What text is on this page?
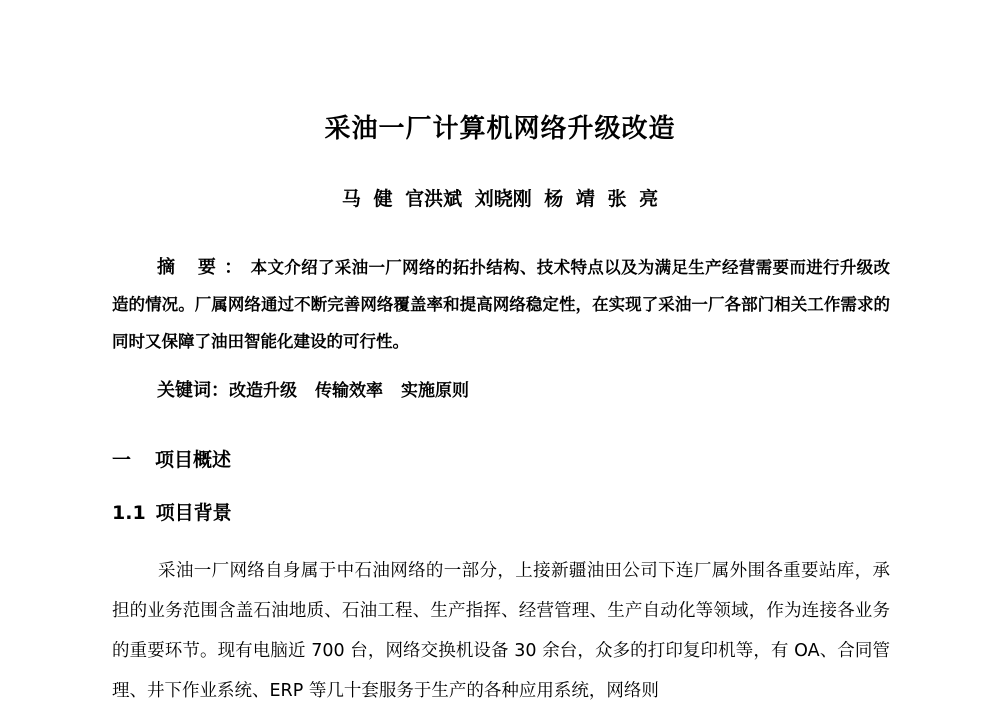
采油一厂计算机网络升级改造
马 健 官洪斌 刘晓刚 杨 靖 张 亮

摘 要：本文介绍了采油一厂网络的拓扑结构、技术特点以及为满足生产经营需要而进行升级改造的情况。厂属网络通过不断完善网络覆盖率和提高网络稳定性，在实现了采油一厂各部门相关工作需求的同时又保障了油田智能化建设的可行性。

关键词：改造升级 传输效率 实施原则

一 项目概述

1.1 项目背景

采油一厂网络自身属于中石油网络的一部分，上接新疆油田公司下连厂属外围各重要站库，承担的业务范围含盖石油地质、石油工程、生产指挥、经营管理、生产自动化等领域，作为连接各业务的重要环节。现有电脑近 700 台，网络交换机设备 30 余台，众多的打印复印机等，有 OA、合同管理、井下作业系统、ERP 等几十套服务于生产的各种应用系统，网络则
